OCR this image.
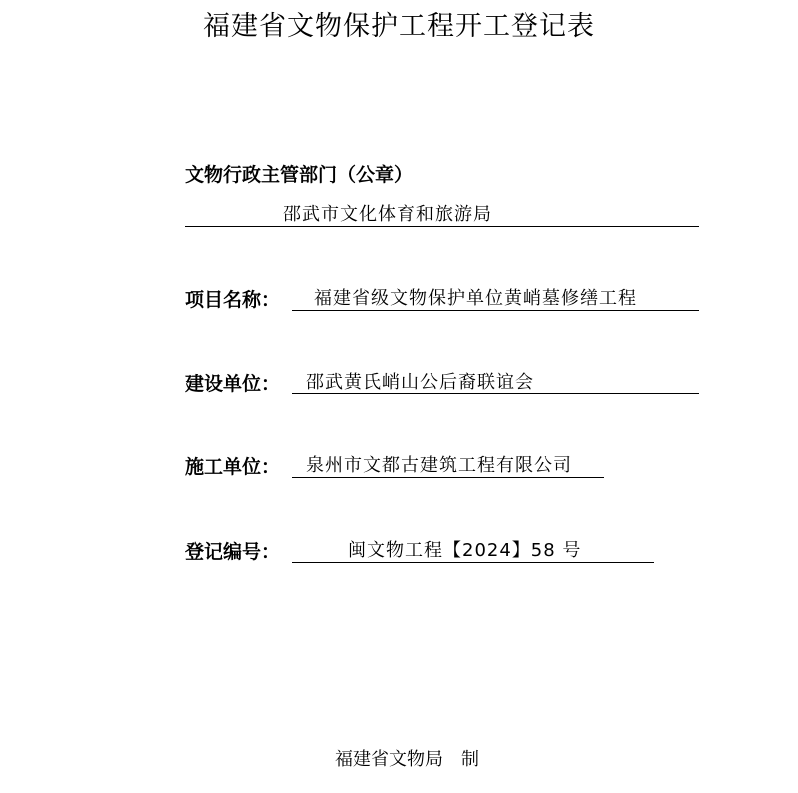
福建省文物保护工程开工登记表
文物行政主管部门（公章）
邵武市文化体育和旅游局
项目名称： 福建省级文物保护单位黄峭墓修缮工程
建设单位： 邵武黄氏峭山公后裔联谊会
施工单位： 泉州市文都古建筑工程有限公司
登记编号：	闽文物工程【2024】58 号
福建省文物局 制
